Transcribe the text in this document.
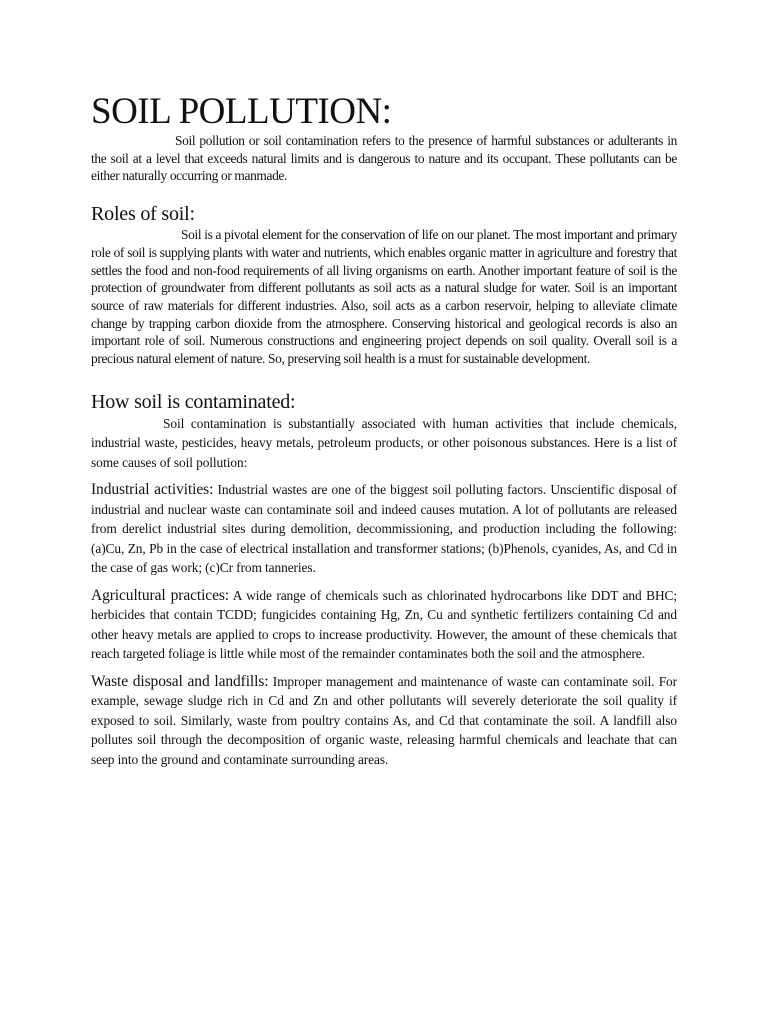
SOIL POLLUTION:

Soil pollution or soil contamination refers to the presence of harmful substances or adulterants in the soil at a level that exceeds natural limits and is dangerous to nature and its occupant. These pollutants can be either naturally occurring or manmade.

Roles of soil:

Soil is a pivotal element for the conservation of life on our planet. The most important and primary role of soil is supplying plants with water and nutrients, which enables organic matter in agriculture and forestry that settles the food and non-food requirements of all living organisms on earth. Another important feature of soil is the protection of groundwater from different pollutants as soil acts as a natural sludge for water. Soil is an important source of raw materials for different industries. Also, soil acts as a carbon reservoir, helping to alleviate climate change by trapping carbon dioxide from the atmosphere. Conserving historical and geological records is also an important role of soil. Numerous constructions and engineering project depends on soil quality. Overall soil is a precious natural element of nature. So, preserving soil health is a must for sustainable development.

How soil is contaminated:

Soil contamination is substantially associated with human activities that include chemicals, industrial waste, pesticides, heavy metals, petroleum products, or other poisonous substances. Here is a list of some causes of soil pollution:

Industrial activities: Industrial wastes are one of the biggest soil polluting factors. Unscientific disposal of industrial and nuclear waste can contaminate soil and indeed causes mutation. A lot of pollutants are released from derelict industrial sites during demolition, decommissioning, and production including the following: (a)Cu, Zn, Pb in the case of electrical installation and transformer stations; (b)Phenols, cyanides, As, and Cd in the case of gas work; (c)Cr from tanneries.

Agricultural practices: A wide range of chemicals such as chlorinated hydrocarbons like DDT and BHC; herbicides that contain TCDD; fungicides containing Hg, Zn, Cu and synthetic fertilizers containing Cd and other heavy metals are applied to crops to increase productivity. However, the amount of these chemicals that reach targeted foliage is little while most of the remainder contaminates both the soil and the atmosphere.

Waste disposal and landfills: Improper management and maintenance of waste can contaminate soil. For example, sewage sludge rich in Cd and Zn and other pollutants will severely deteriorate the soil quality if exposed to soil. Similarly, waste from poultry contains As, and Cd that contaminate the soil. A landfill also pollutes soil through the decomposition of organic waste, releasing harmful chemicals and leachate that can seep into the ground and contaminate surrounding areas.
